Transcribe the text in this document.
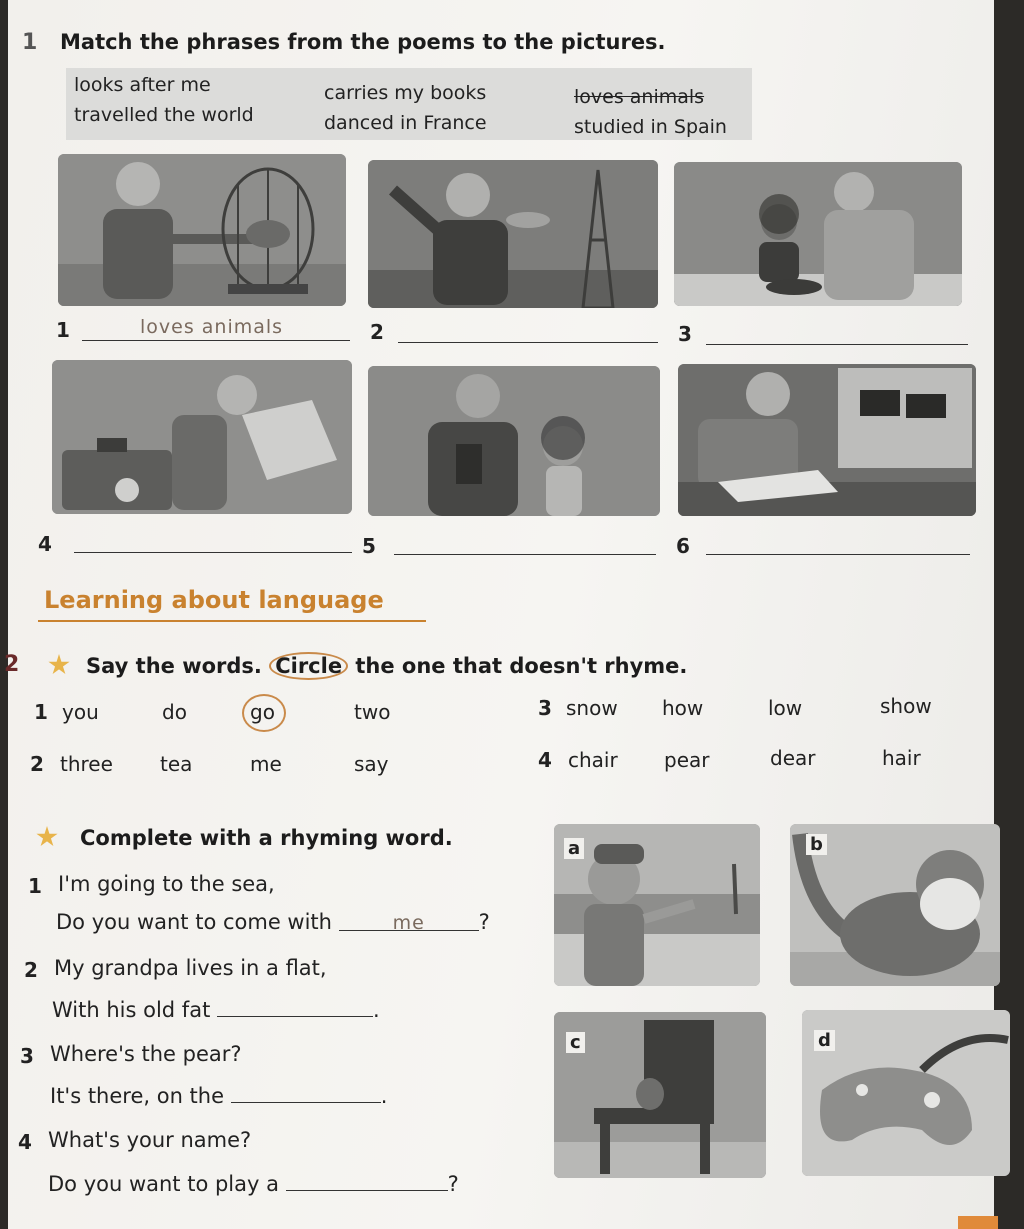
1 Match the phrases from the poems to the pictures.
looks after me	carries my books	loves animals
travelled the world	danced in France	studied in Spain
1	loves animals	2	3
4	5	6
Learning about language
2	Say the words. Circle the one that doesn't rhyme.
1 you	do	go	two	3 snow how	low	show
2 three tea	me	say	4 chair pear	dear	hair
Complete with a rhyming word.
1 I'm going to the sea,
Do you want to come with	me	?
2 My grandpa lives in a flat,
With his old fat	.
3 Where's the pear?
It's there, on the	.
4 What's your name?
Do you want to play a	?
a	b
c	d
